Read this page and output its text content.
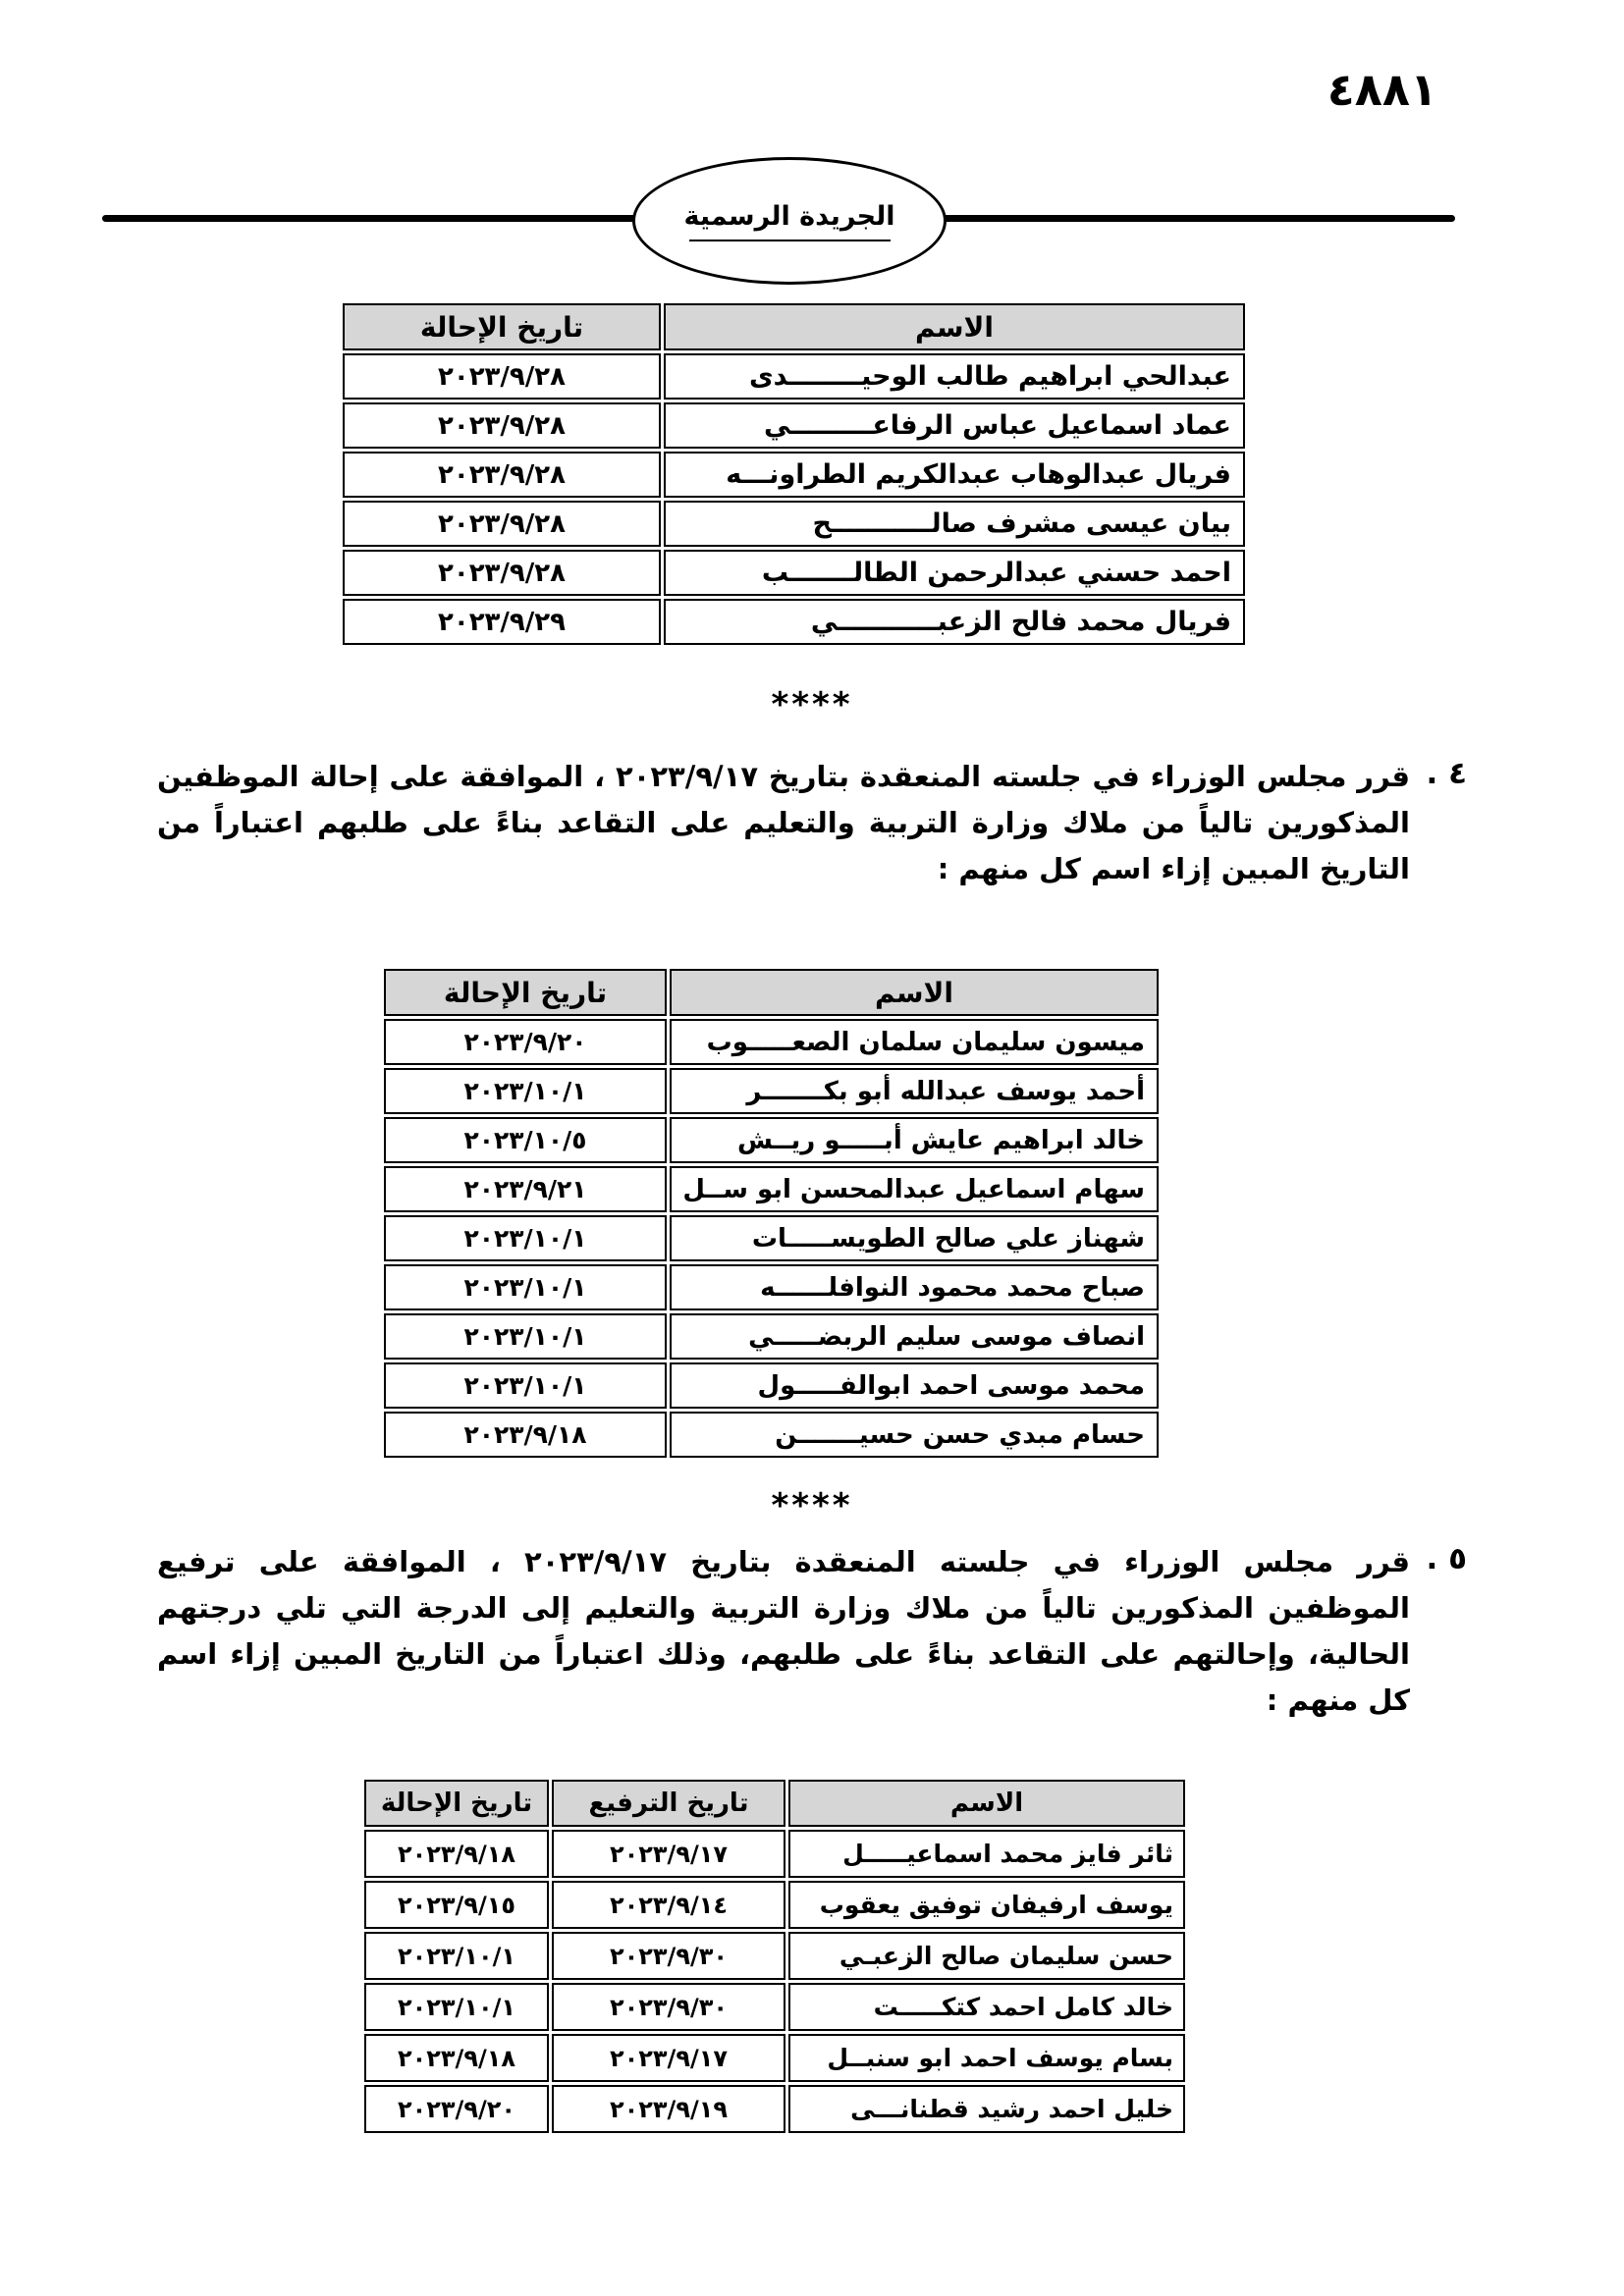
٤٨٨١
الجريدة الرسمية
الاسم	تاريخ الإحالة
عبدالحي ابراهيم طالب الوحيــــــــدى	٢٠٢٣/٩/٢٨
عماد اسماعيل عباس الرفاعـــــــــي	٢٠٢٣/٩/٢٨
فريال عبدالوهاب عبدالكريم الطراونـــه	٢٠٢٣/٩/٢٨
بيان عيسى مشرف صالـــــــــــح	٢٠٢٣/٩/٢٨
احمد حسني عبدالرحمن الطالـــــــب	٢٠٢٣/٩/٢٨
فريال محمد فالح الزعبـــــــــــي	٢٠٢٣/٩/٢٩
****
٤ .

قرر مجلس الوزراء في جلسته المنعقدة بتاريخ ٢٠٢٣/٩/١٧ ، الموافقة على إحالة الموظفين المذكورين تالياً من ملاك وزارة التربية والتعليم على التقاعد بناءً على طلبهم اعتباراً من التاريخ المبين إزاء اسم كل منهم :

الاسم	تاريخ الإحالة
ميسون سليمان سلمان الصعـــــوب	٢٠٢٣/٩/٢٠
أحمد يوسف عبدالله أبو بكـــــــر	٢٠٢٣/١٠/١
خالد ابراهيم عايش أبـــــو ريــش	٢٠٢٣/١٠/٥
سهام اسماعيل عبدالمحسن ابو ســل	٢٠٢٣/٩/٢١
شهناز علي صالح الطويســـــات	٢٠٢٣/١٠/١
صباح محمد محمود النوافلــــــه	٢٠٢٣/١٠/١
انصاف موسى سليم الربضـــــي	٢٠٢٣/١٠/١
محمد موسى احمد ابوالفـــــول	٢٠٢٣/١٠/١
حسام مبدي حسن حسيـــــــن	٢٠٢٣/٩/١٨
****
٥ .

قرر مجلس الوزراء في جلسته المنعقدة بتاريخ ٢٠٢٣/٩/١٧ ، الموافقة على ترفيع الموظفين المذكورين تالياً من ملاك وزارة التربية والتعليم إلى الدرجة التي تلي درجتهم الحالية، وإحالتهم على التقاعد بناءً على طلبهم، وذلك اعتباراً من التاريخ المبين إزاء اسم كل منهم :

الاسم	تاريخ الترفيع	تاريخ الإحالة
ثائر فايز محمد اسماعيـــــل	٢٠٢٣/٩/١٧	٢٠٢٣/٩/١٨
يوسف ارفيفان توفيق يعقوب	٢٠٢٣/٩/١٤	٢٠٢٣/٩/١٥
حسن سليمان صالح الزعبـي	٢٠٢٣/٩/٣٠	٢٠٢٣/١٠/١
خالد كامل احمد كتكـــــت	٢٠٢٣/٩/٣٠	٢٠٢٣/١٠/١
بسام يوسف احمد ابو سنبــل	٢٠٢٣/٩/١٧	٢٠٢٣/٩/١٨
خليل احمد رشيد قطنانـــى	٢٠٢٣/٩/١٩	٢٠٢٣/٩/٢٠
